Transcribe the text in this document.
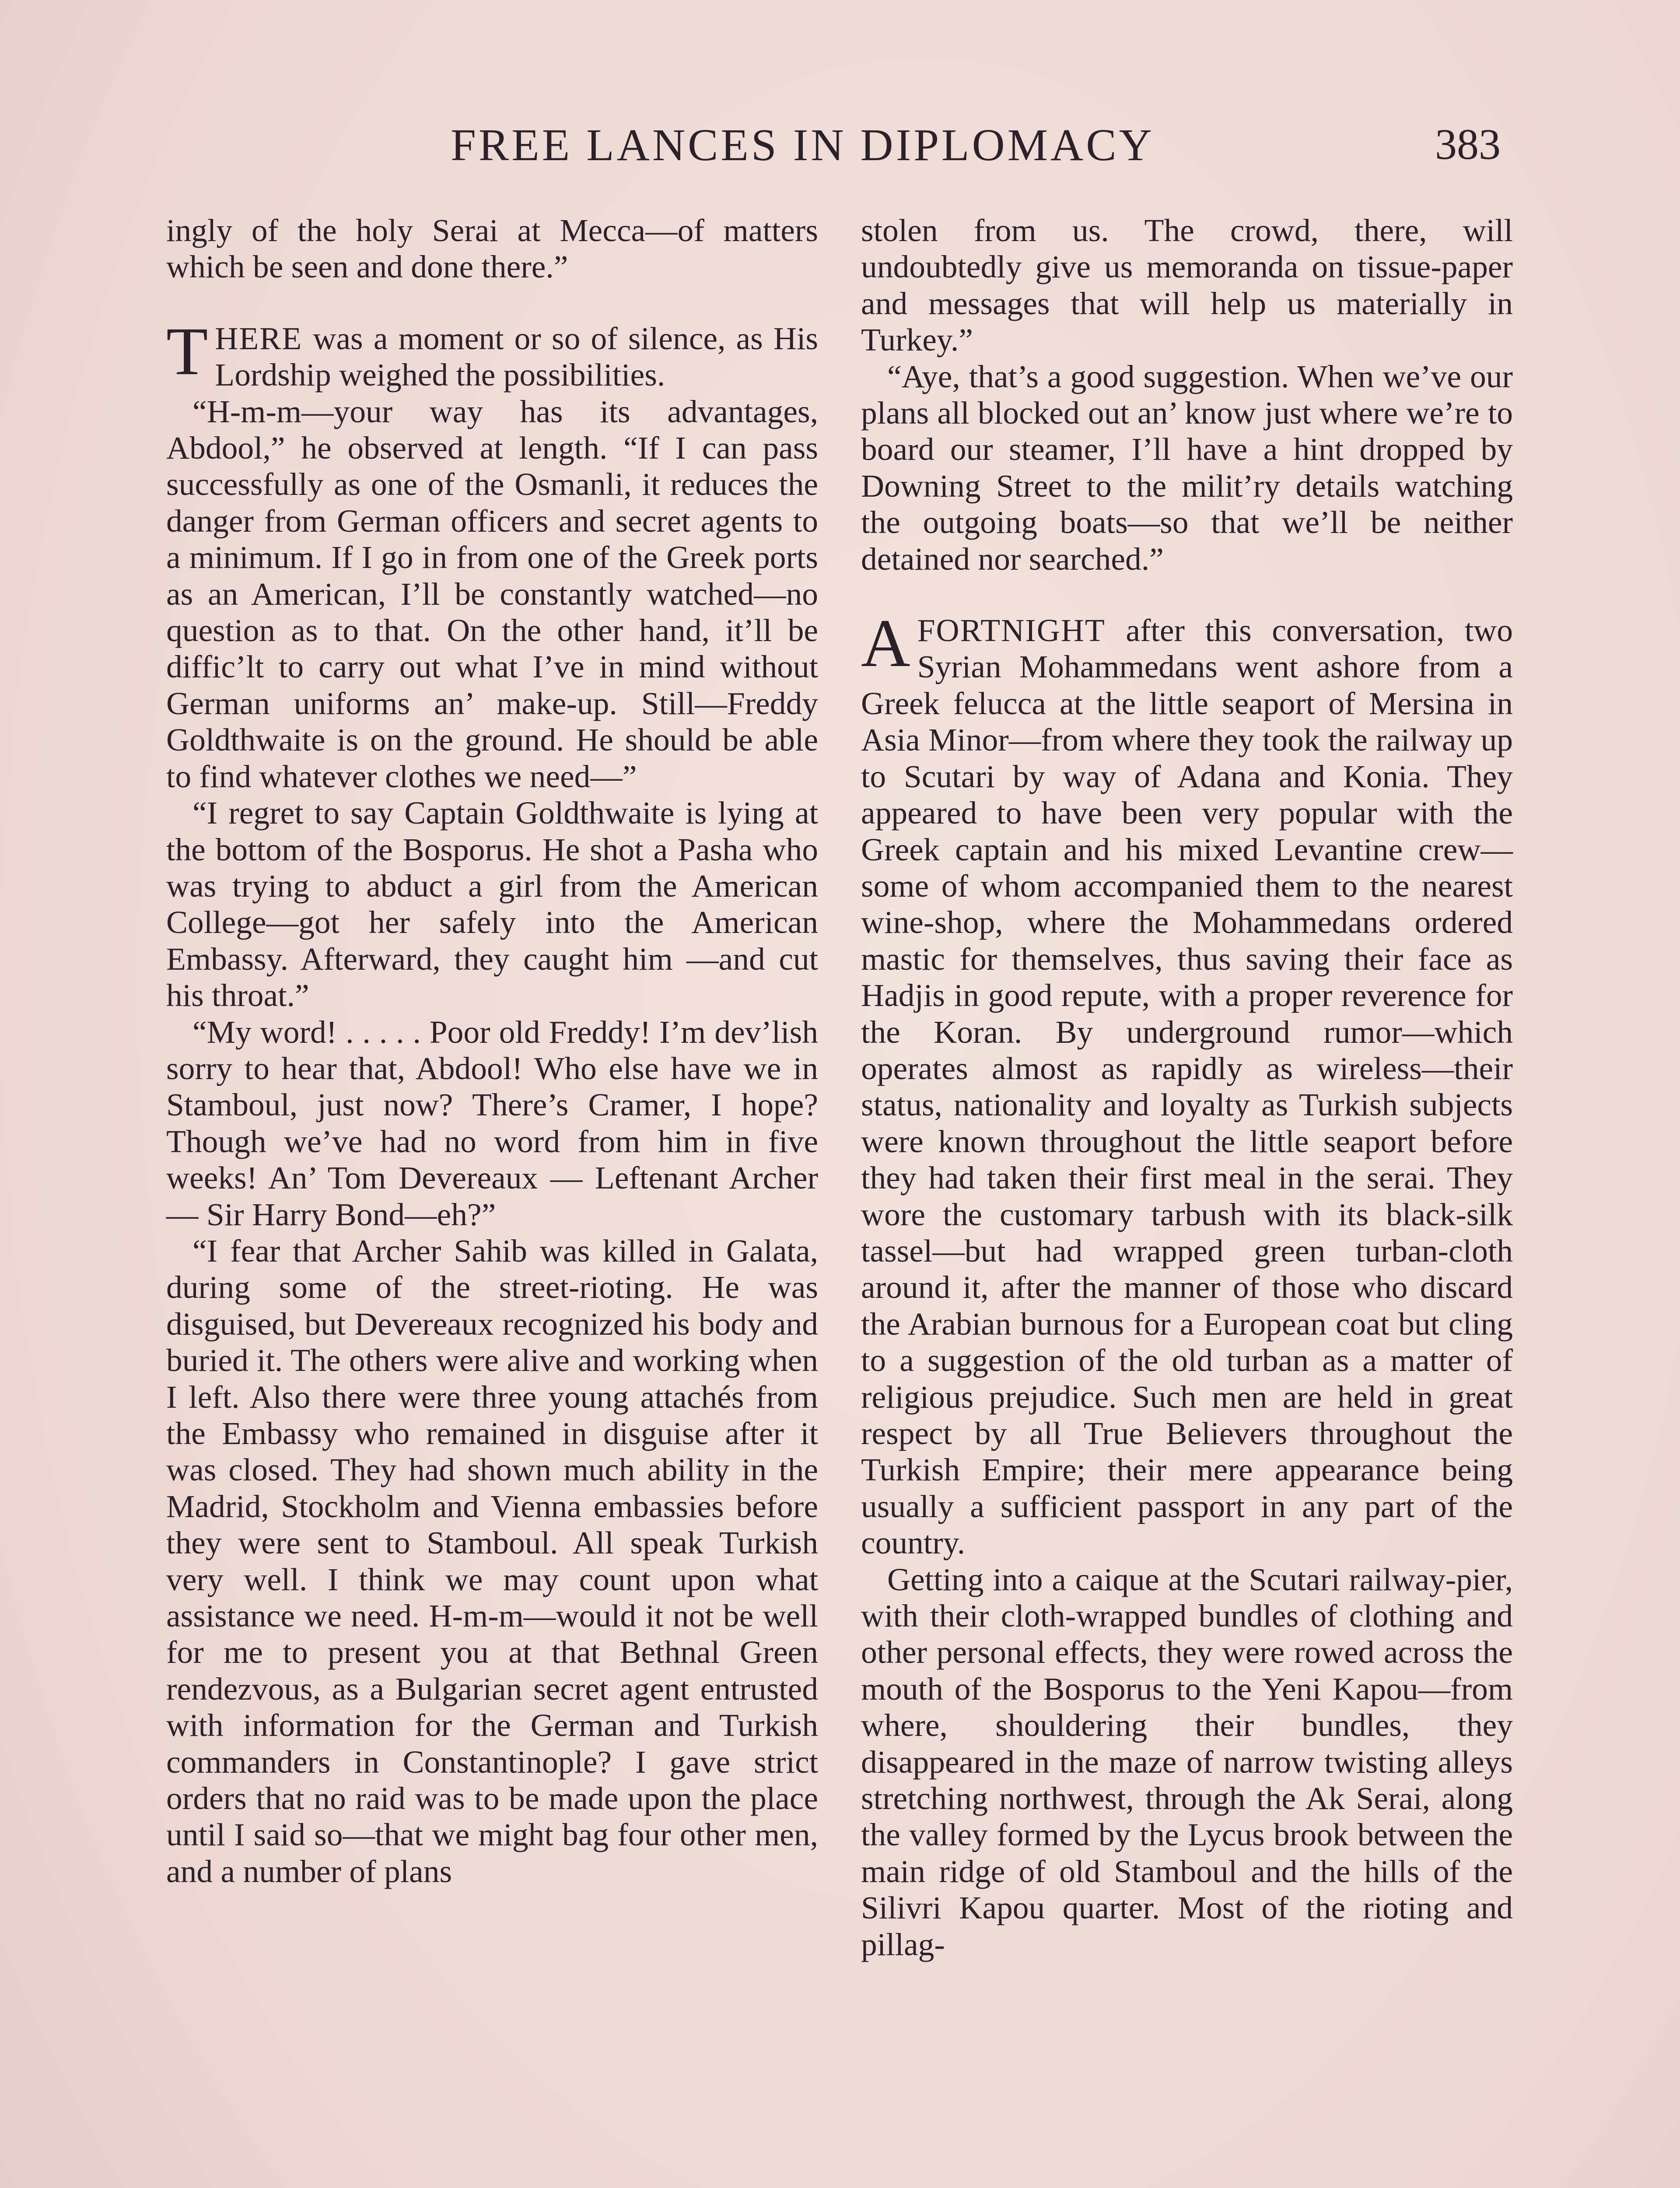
FREE LANCES IN DIPLOMACY	383

ingly of the holy Serai at Mecca—of matters which be seen and done there.”

THERE was a moment or so of silence, as His Lordship weighed the possibilities.

“H-m-m—your way has its advantages, Abdool,” he observed at length. “If I can pass successfully as one of the Osmanli, it reduces the danger from German officers and secret agents to a minimum. If I go in from one of the Greek ports as an American, I’ll be constantly watched—no question as to that. On the other hand, it’ll be diffic’lt to carry out what I’ve in mind without German uniforms an’ make-up. Still—Freddy Goldthwaite is on the ground. He should be able to find whatever clothes we need—”

“I regret to say Captain Goldthwaite is lying at the bottom of the Bosporus. He shot a Pasha who was trying to abduct a girl from the American College—got her safely into the American Embassy. Afterward, they caught him —and cut his throat.”

“My word! . . . . . Poor old Freddy! I’m dev’lish sorry to hear that, Abdool! Who else have we in Stamboul, just now? There’s Cramer, I hope? Though we’ve had no word from him in five weeks! An’ Tom Devereaux — Leftenant Archer — Sir Harry Bond—eh?”

“I fear that Archer Sahib was killed in Galata, during some of the street-rioting. He was disguised, but Devereaux recognized his body and buried it. The others were alive and working when I left. Also there were three young attachés from the Embassy who remained in disguise after it was closed. They had shown much ability in the Madrid, Stockholm and Vienna embassies before they were sent to Stamboul. All speak Turkish very well. I think we may count upon what assistance we need. H-m-m—would it not be well for me to present you at that Bethnal Green rendezvous, as a Bulgarian secret agent entrusted with information for the German and Turkish commanders in Constantinople? I gave strict orders that no raid was to be made upon the place until I said so—that we might bag four other men, and a number of plans

stolen from us. The crowd, there, will undoubtedly give us memoranda on tissue-paper and messages that will help us materially in Turkey.”

“Aye, that’s a good suggestion. When we’ve our plans all blocked out an’ know just where we’re to board our steamer, I’ll have a hint dropped by Downing Street to the milit’ry details watching the outgoing boats—so that we’ll be neither detained nor searched.”

AFORTNIGHT after this conversation, two Syrian Mohammedans went ashore from a Greek felucca at the little seaport of Mersina in Asia Minor—from where they took the railway up to Scutari by way of Adana and Konia. They appeared to have been very popular with the Greek captain and his mixed Levantine crew—some of whom accompanied them to the nearest wine-shop, where the Mohammedans ordered mastic for themselves, thus saving their face as Hadjis in good repute, with a proper reverence for the Koran. By underground rumor—which operates almost as rapidly as wireless—their status, nationality and loyalty as Turkish subjects were known throughout the little seaport before they had taken their first meal in the serai. They wore the customary tarbush with its black-silk tassel—but had wrapped green turban-cloth around it, after the manner of those who discard the Arabian burnous for a European coat but cling to a suggestion of the old turban as a matter of religious prejudice. Such men are held in great respect by all True Believers throughout the Turkish Empire; their mere appearance being usually a sufficient passport in any part of the country.

Getting into a caique at the Scutari railway-pier, with their cloth-wrapped bundles of clothing and other personal effects, they were rowed across the mouth of the Bosporus to the Yeni Kapou—from where, shouldering their bundles, they disappeared in the maze of narrow twisting alleys stretching northwest, through the Ak Serai, along the valley formed by the Lycus brook between the main ridge of old Stamboul and the hills of the Silivri Kapou quarter. Most of the rioting and pillag-
